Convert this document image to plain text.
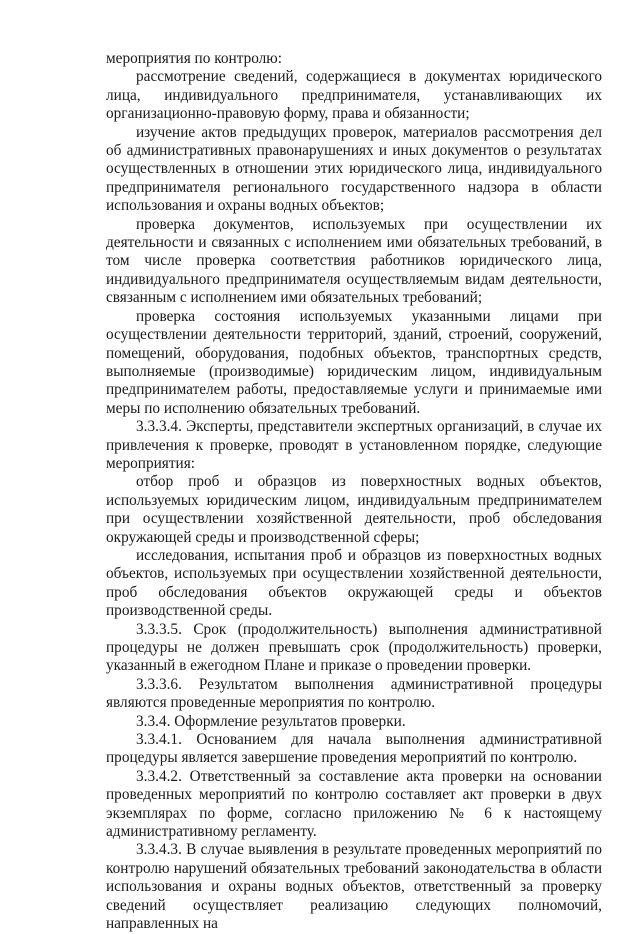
мероприятия по контролю:

рассмотрение сведений, содержащиеся в документах юридического лица, индивидуального предпринимателя, устанавливающих их организационно-правовую форму, права и обязанности;

изучение актов предыдущих проверок, материалов рассмотрения дел об административных правонарушениях и иных документов о результатах осуществленных в отношении этих юридического лица, индивидуального предпринимателя регионального государственного надзора в области использования и охраны водных объектов;

проверка документов, используемых при осуществлении их деятельности и связанных с исполнением ими обязательных требований, в том числе проверка соответствия работников юридического лица, индивидуального предпринимателя осуществляемым видам деятельности, связанным с исполнением ими обязательных требований;

проверка состояния используемых указанными лицами при осуществлении деятельности территорий, зданий, строений, сооружений, помещений, оборудования, подобных объектов, транспортных средств, выполняемые (производимые) юридическим лицом, индивидуальным предпринимателем работы, предоставляемые услуги и принимаемые ими меры по исполнению обязательных требований.

3.3.3.4. Эксперты, представители экспертных организаций, в случае их привлечения к проверке, проводят в установленном порядке, следующие мероприятия:

отбор проб и образцов из поверхностных водных объектов, используемых юридическим лицом, индивидуальным предпринимателем при осуществлении хозяйственной деятельности, проб обследования окружающей среды и производственной сферы;

исследования, испытания проб и образцов из поверхностных водных объектов, используемых при осуществлении хозяйственной деятельности, проб обследования объектов окружающей среды и объектов производственной среды.

3.3.3.5. Срок (продолжительность) выполнения административной процедуры не должен превышать срок (продолжительность) проверки, указанный в ежегодном Плане и приказе о проведении проверки.

3.3.3.6. Результатом выполнения административной процедуры являются проведенные мероприятия по контролю.

3.3.4. Оформление результатов проверки.

3.3.4.1. Основанием для начала выполнения административной процедуры является завершение проведения мероприятий по контролю.

3.3.4.2. Ответственный за составление акта проверки на основании проведенных мероприятий по контролю составляет акт проверки в двух экземплярах по форме, согласно приложению № 6 к настоящему административному регламенту.

3.3.4.3. В случае выявления в результате проведенных мероприятий по контролю нарушений обязательных требований законодательства в области использования и охраны водных объектов, ответственный за проверку сведений осуществляет реализацию следующих полномочий, направленных на
